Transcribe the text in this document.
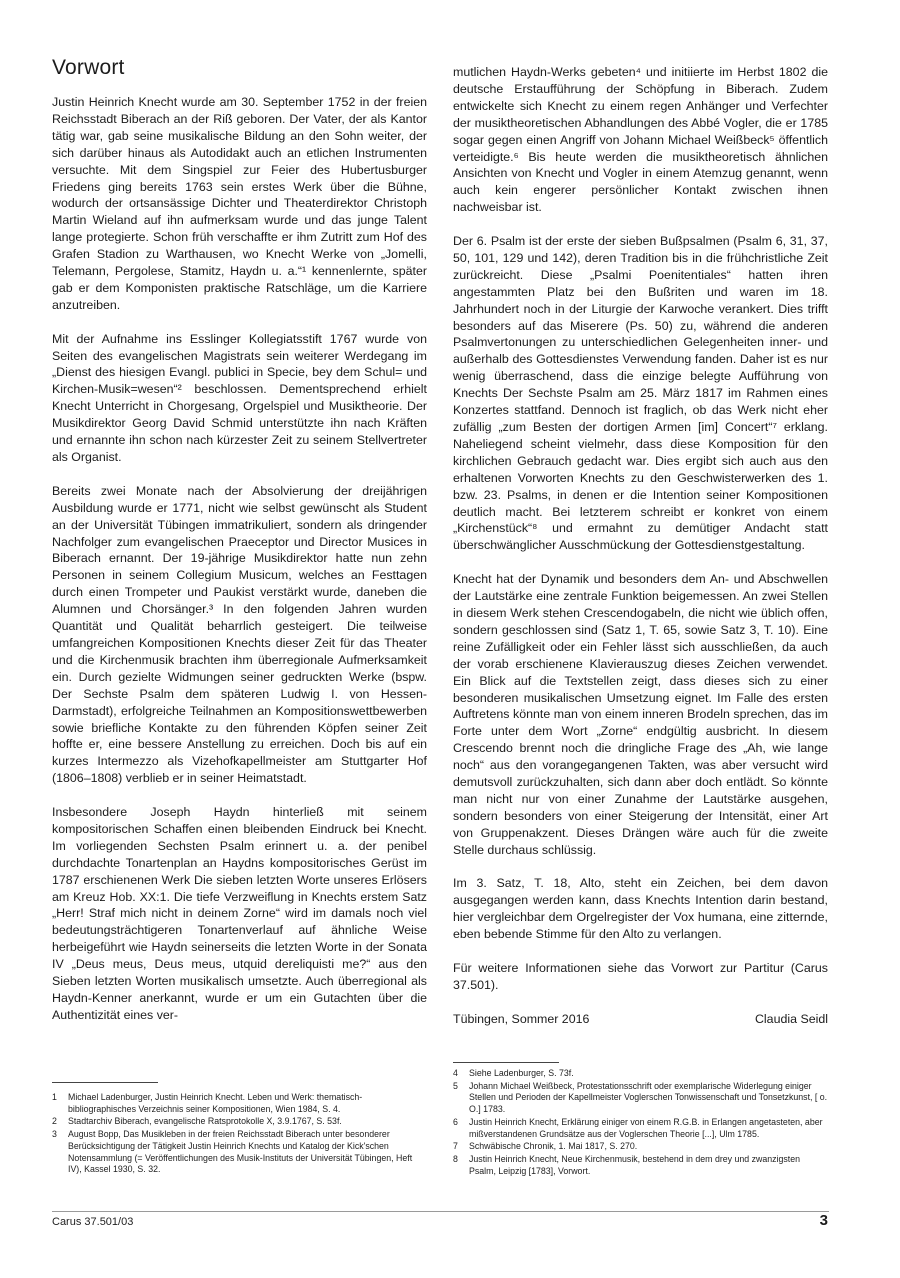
Vorwort

Justin Heinrich Knecht wurde am 30. September 1752 in der freien Reichsstadt Biberach an der Riß geboren. Der Vater, der als Kantor tätig war, gab seine musikalische Bildung an den Sohn weiter, der sich darüber hinaus als Autodidakt auch an etlichen Instrumenten versuchte. Mit dem Singspiel zur Feier des Hubertusburger Friedens ging bereits 1763 sein erstes Werk über die Bühne, wodurch der ortsansässige Dichter und Theaterdirektor Christoph Martin Wieland auf ihn aufmerksam wurde und das junge Talent lange protegierte. Schon früh verschaffte er ihm Zutritt zum Hof des Grafen Stadion zu Warthausen, wo Knecht Werke von „Jomelli, Telemann, Pergolese, Stamitz, Haydn u. a.“¹ kennenlernte, später gab er dem Komponisten praktische Ratschläge, um die Karriere anzutreiben.

Mit der Aufnahme ins Esslinger Kollegiatsstift 1767 wurde von Seiten des evangelischen Magistrats sein weiterer Werdegang im „Dienst des hiesigen Evangl. publici in Specie, bey dem Schul= und Kirchen-Musik=wesen“² beschlossen. Dementsprechend erhielt Knecht Unterricht in Chorgesang, Orgelspiel und Musiktheorie. Der Musikdirektor Georg David Schmid unterstützte ihn nach Kräften und ernannte ihn schon nach kürzester Zeit zu seinem Stellvertreter als Organist.

Bereits zwei Monate nach der Absolvierung der dreijährigen Ausbildung wurde er 1771, nicht wie selbst gewünscht als Student an der Universität Tübingen immatrikuliert, sondern als dringender Nachfolger zum evangelischen Praeceptor und Director Musices in Biberach ernannt. Der 19-jährige Musikdirektor hatte nun zehn Personen in seinem Collegium Musicum, welches an Festtagen durch einen Trompeter und Paukist verstärkt wurde, daneben die Alumnen und Chorsänger.³ In den folgenden Jahren wurden Quantität und Qualität beharrlich gesteigert. Die teilweise umfangreichen Kompositionen Knechts dieser Zeit für das Theater und die Kirchenmusik brachten ihm überregionale Aufmerksamkeit ein. Durch gezielte Widmungen seiner gedruckten Werke (bspw. Der Sechste Psalm dem späteren Ludwig I. von Hessen-Darmstadt), erfolgreiche Teilnahmen an Kompositionswettbewerben sowie briefliche Kontakte zu den führenden Köpfen seiner Zeit hoffte er, eine bessere Anstellung zu erreichen. Doch bis auf ein kurzes Intermezzo als Vizehofkapellmeister am Stuttgarter Hof (1806–1808) verblieb er in seiner Heimatstadt.

Insbesondere Joseph Haydn hinterließ mit seinem kompositorischen Schaffen einen bleibenden Eindruck bei Knecht. Im vorliegenden Sechsten Psalm erinnert u. a. der penibel durchdachte Tonartenplan an Haydns kompositorisches Gerüst im 1787 erschienenen Werk Die sieben letzten Worte unseres Erlösers am Kreuz Hob. XX:1. Die tiefe Verzweiflung in Knechts erstem Satz „Herr! Straf mich nicht in deinem Zorne“ wird im damals noch viel bedeutungsträchtigeren Tonartenverlauf auf ähnliche Weise herbeigeführt wie Haydn seinerseits die letzten Worte in der Sonata IV „Deus meus, Deus meus, utquid dereliquisti me?“ aus den Sieben letzten Worten musikalisch umsetzte. Auch überregional als Haydn-Kenner anerkannt, wurde er um ein Gutachten über die Authentizität eines ver-

mutlichen Haydn-Werks gebeten⁴ und initiierte im Herbst 1802 die deutsche Erstaufführung der Schöpfung in Biberach. Zudem entwickelte sich Knecht zu einem regen Anhänger und Verfechter der musiktheoretischen Abhandlungen des Abbé Vogler, die er 1785 sogar gegen einen Angriff von Johann Michael Weißbeck⁵ öffentlich verteidigte.⁶ Bis heute werden die musiktheoretisch ähnlichen Ansichten von Knecht und Vogler in einem Atemzug genannt, wenn auch kein engerer persönlicher Kontakt zwischen ihnen nachweisbar ist.

Der 6. Psalm ist der erste der sieben Bußpsalmen (Psalm 6, 31, 37, 50, 101, 129 und 142), deren Tradition bis in die frühchristliche Zeit zurückreicht. Diese „Psalmi Poenitentiales“ hatten ihren angestammten Platz bei den Bußriten und waren im 18. Jahrhundert noch in der Liturgie der Karwoche verankert. Dies trifft besonders auf das Miserere (Ps. 50) zu, während die anderen Psalmvertonungen zu unterschiedlichen Gelegenheiten inner- und außerhalb des Gottesdienstes Verwendung fanden. Daher ist es nur wenig überraschend, dass die einzige belegte Aufführung von Knechts Der Sechste Psalm am 25. März 1817 im Rahmen eines Konzertes stattfand. Dennoch ist fraglich, ob das Werk nicht eher zufällig „zum Besten der dortigen Armen [im] Concert“⁷ erklang. Naheliegend scheint vielmehr, dass diese Komposition für den kirchlichen Gebrauch gedacht war. Dies ergibt sich auch aus den erhaltenen Vorworten Knechts zu den Geschwisterwerken des 1. bzw. 23. Psalms, in denen er die Intention seiner Kompositionen deutlich macht. Bei letzterem schreibt er konkret von einem „Kirchenstück“⁸ und ermahnt zu demütiger Andacht statt überschwänglicher Ausschmückung der Gottesdienstgestaltung.

Knecht hat der Dynamik und besonders dem An- und Abschwellen der Lautstärke eine zentrale Funktion beigemessen. An zwei Stellen in diesem Werk stehen Crescendogabeln, die nicht wie üblich offen, sondern geschlossen sind (Satz 1, T. 65, sowie Satz 3, T. 10). Eine reine Zufälligkeit oder ein Fehler lässt sich ausschließen, da auch der vorab erschienene Klavierauszug dieses Zeichen verwendet. Ein Blick auf die Textstellen zeigt, dass dieses sich zu einer besonderen musikalischen Umsetzung eignet. Im Falle des ersten Auftretens könnte man von einem inneren Brodeln sprechen, das im Forte unter dem Wort „Zorne“ endgültig ausbricht. In diesem Crescendo brennt noch die dringliche Frage des „Ah, wie lange noch“ aus den vorangegangenen Takten, was aber versucht wird demutsvoll zurückzuhalten, sich dann aber doch entlädt. So könnte man nicht nur von einer Zunahme der Lautstärke ausgehen, sondern besonders von einer Steigerung der Intensität, einer Art von Gruppenakzent. Dieses Drängen wäre auch für die zweite Stelle durchaus schlüssig.

Im 3. Satz, T. 18, Alto, steht ein Zeichen, bei dem davon ausgegangen werden kann, dass Knechts Intention darin bestand, hier vergleichbar dem Orgelregister der Vox humana, eine zitternde, eben bebende Stimme für den Alto zu verlangen.

Für weitere Informationen siehe das Vorwort zur Partitur (Carus 37.501).

Tübingen, Sommer 2016	Claudia Seidl
1	Michael Ladenburger, Justin Heinrich Knecht. Leben und Werk: thematisch-bibliographisches Verzeichnis seiner Kompositionen, Wien 1984, S. 4.
2	Stadtarchiv Biberach, evangelische Ratsprotokolle X, 3.9.1767, S. 53f.
3	August Bopp, Das Musikleben in der freien Reichsstadt Biberach unter besonderer Berücksichtigung der Tätigkeit Justin Heinrich Knechts und Katalog der Kick'schen Notensammlung (= Veröffentlichungen des Musik-Instituts der Universität Tübingen, Heft IV), Kassel 1930, S. 32.
4	Siehe Ladenburger, S. 73f.
5	Johann Michael Weißbeck, Protestationsschrift oder exemplarische Widerlegung einiger Stellen und Perioden der Kapellmeister Voglerschen Tonwissenschaft und Tonsetzkunst, [ o. O.] 1783.
6	Justin Heinrich Knecht, Erklärung einiger von einem R.G.B. in Erlangen angetasteten, aber mißverstandenen Grundsätze aus der Voglerschen Theorie [...], Ulm 1785.
7	Schwäbische Chronik, 1. Mai 1817, S. 270.
8	Justin Heinrich Knecht, Neue Kirchenmusik, bestehend in dem drey und zwanzigsten Psalm, Leipzig [1783], Vorwort.
Carus 37.501/03	3
